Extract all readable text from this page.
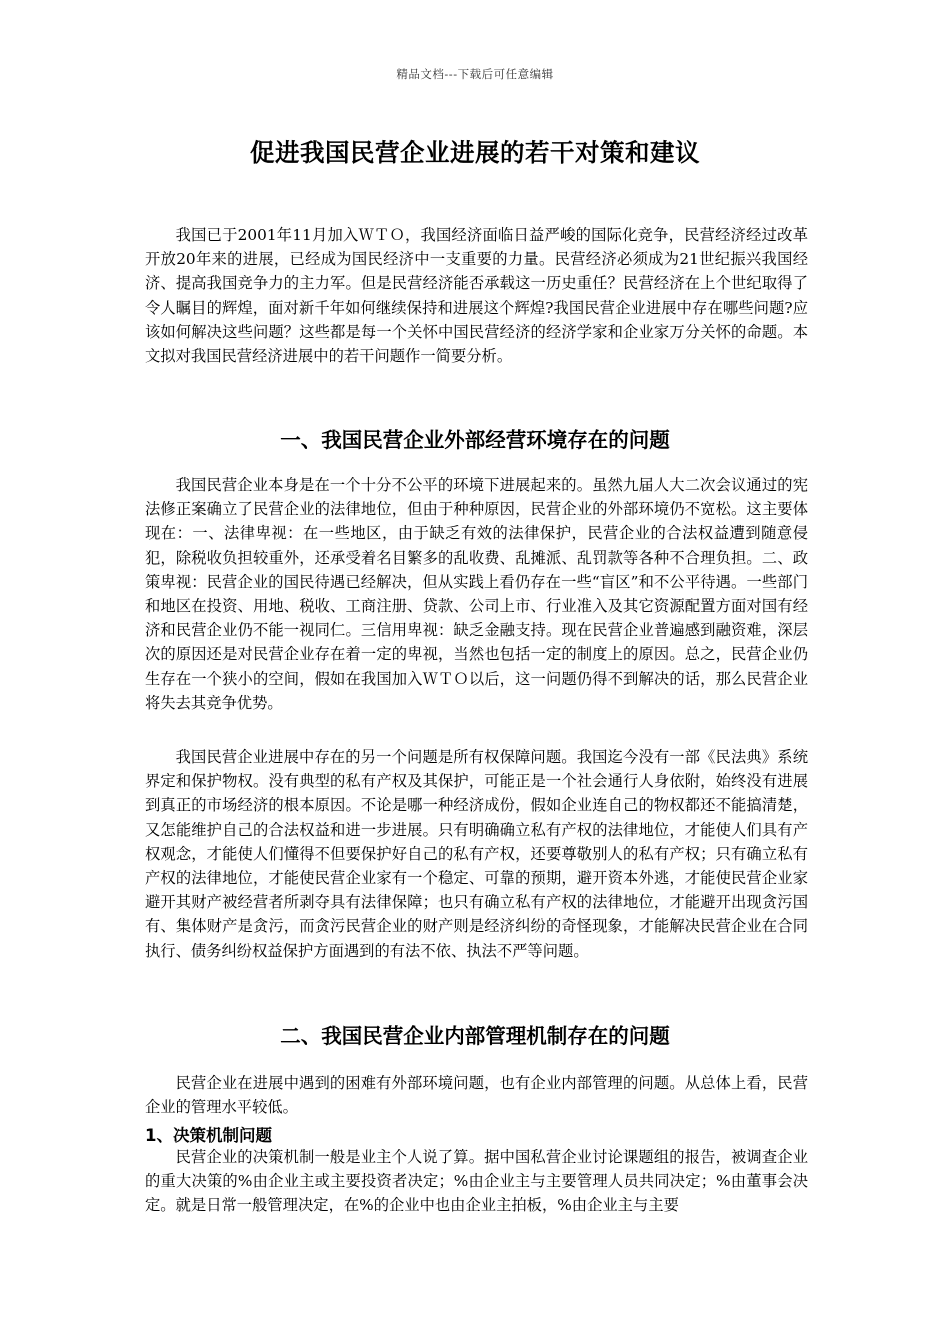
精品文档---下载后可任意编辑
促进我国民营企业进展的若干对策和建议

我国已于2001年11月加入ＷＴＯ，我国经济面临日益严峻的国际化竞争，民营经济经过改革开放20年来的进展，已经成为国民经济中一支重要的力量。民营经济必须成为21世纪振兴我国经济、提高我国竞争力的主力军。但是民营经济能否承载这一历史重任？民营经济在上个世纪取得了令人瞩目的辉煌，面对新千年如何继续保持和进展这个辉煌?我国民营企业进展中存在哪些问题?应该如何解决这些问题？这些都是每一个关怀中国民营经济的经济学家和企业家万分关怀的命题。本文拟对我国民营经济进展中的若干问题作一简要分析。

一、我国民营企业外部经营环境存在的问题

我国民营企业本身是在一个十分不公平的环境下进展起来的。虽然九届人大二次会议通过的宪法修正案确立了民营企业的法律地位，但由于种种原因，民营企业的外部环境仍不宽松。这主要体现在：一、法律卑视：在一些地区，由于缺乏有效的法律保护，民营企业的合法权益遭到随意侵犯，除税收负担较重外，还承受着名目繁多的乱收费、乱摊派、乱罚款等各种不合理负担。二、政策卑视：民营企业的国民待遇已经解决，但从实践上看仍存在一些“盲区”和不公平待遇。一些部门和地区在投资、用地、税收、工商注册、贷款、公司上市、行业准入及其它资源配置方面对国有经济和民营企业仍不能一视同仁。三信用卑视：缺乏金融支持。现在民营企业普遍感到融资难，深层次的原因还是对民营企业存在着一定的卑视，当然也包括一定的制度上的原因。总之，民营企业仍生存在一个狭小的空间，假如在我国加入ＷＴＯ以后，这一问题仍得不到解决的话，那么民营企业将失去其竞争优势。

我国民营企业进展中存在的另一个问题是所有权保障问题。我国迄今没有一部《民法典》系统界定和保护物权。没有典型的私有产权及其保护，可能正是一个社会通行人身依附，始终没有进展到真正的市场经济的根本原因。不论是哪一种经济成份，假如企业连自己的物权都还不能搞清楚，又怎能维护自己的合法权益和进一步进展。只有明确确立私有产权的法律地位，才能使人们具有产权观念，才能使人们懂得不但要保护好自己的私有产权，还要尊敬别人的私有产权；只有确立私有产权的法律地位，才能使民营企业家有一个稳定、可靠的预期，避开资本外逃，才能使民营企业家避开其财产被经营者所剥夺具有法律保障；也只有确立私有产权的法律地位，才能避开出现贪污国有、集体财产是贪污，而贪污民营企业的财产则是经济纠纷的奇怪现象，才能解决民营企业在合同执行、债务纠纷权益保护方面遇到的有法不依、执法不严等问题。

二、我国民营企业内部管理机制存在的问题

民营企业在进展中遇到的困难有外部环境问题，也有企业内部管理的问题。从总体上看，民营企业的管理水平较低。

1、决策机制问题

民营企业的决策机制一般是业主个人说了算。据中国私营企业讨论课题组的报告，被调查企业的重大决策的%由企业主或主要投资者决定；%由企业主与主要管理人员共同决定；%由董事会决定。就是日常一般管理决定，在%的企业中也由企业主拍板，%由企业主与主要
